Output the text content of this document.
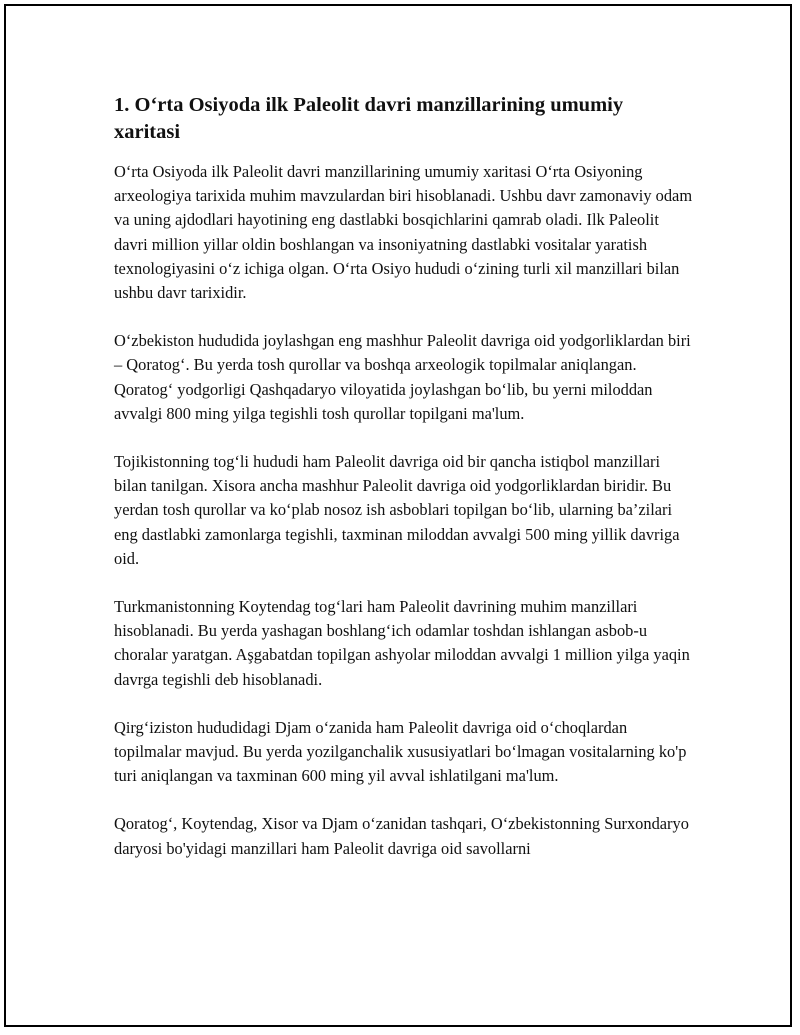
1. O‘rta Osiyoda ilk Paleolit davri manzillarining umumiy xaritasi

O‘rta Osiyoda ilk Paleolit davri manzillarining umumiy xaritasi O‘rta Osiyoning arxeologiya tarixida muhim mavzulardan biri hisoblanadi. Ushbu davr zamonaviy odam va uning ajdodlari hayotining eng dastlabki bosqichlarini qamrab oladi. Ilk Paleolit davri million yillar oldin boshlangan va insoniyatning dastlabki vositalar yaratish texnologiyasini o‘z ichiga olgan. O‘rta Osiyo hududi o‘zining turli xil manzillari bilan ushbu davr tarixidir.

O‘zbekiston hududida joylashgan eng mashhur Paleolit davriga oid yodgorliklardan biri – Qoratog‘. Bu yerda tosh qurollar va boshqa arxeologik topilmalar aniqlangan. Qoratog‘ yodgorligi Qashqadaryo viloyatida joylashgan bo‘lib, bu yerni miloddan avvalgi 800 ming yilga tegishli tosh qurollar topilgani ma'lum.

Tojikistonning tog‘li hududi ham Paleolit davriga oid bir qancha istiqbol manzillari bilan tanilgan. Xisora ancha mashhur Paleolit davriga oid yodgorliklardan biridir. Bu yerdan tosh qurollar va ko‘plab nosoz ish asboblari topilgan bo‘lib, ularning ba’zilari eng dastlabki zamonlarga tegishli, taxminan miloddan avvalgi 500 ming yillik davriga oid.

Turkmanistonning Koytendag tog‘lari ham Paleolit davrining muhim manzillari hisoblanadi. Bu yerda yashagan boshlang‘ich odamlar toshdan ishlangan asbob-u choralar yaratgan. Aşgabatdan topilgan ashyolar miloddan avvalgi 1 million yilga yaqin davrga tegishli deb hisoblanadi.

Qirg‘iziston hududidagi Djam o‘zanida ham Paleolit davriga oid o‘choqlardan topilmalar mavjud. Bu yerda yozilganchalik xususiyatlari bo‘lmagan vositalarning ko'p turi aniqlangan va taxminan 600 ming yil avval ishlatilgani ma'lum.

Qoratog‘, Koytendag, Xisor va Djam o‘zanidan tashqari, O‘zbekistonning Surxondaryo daryosi bo'yidagi manzillari ham Paleolit davriga oid savollarni
